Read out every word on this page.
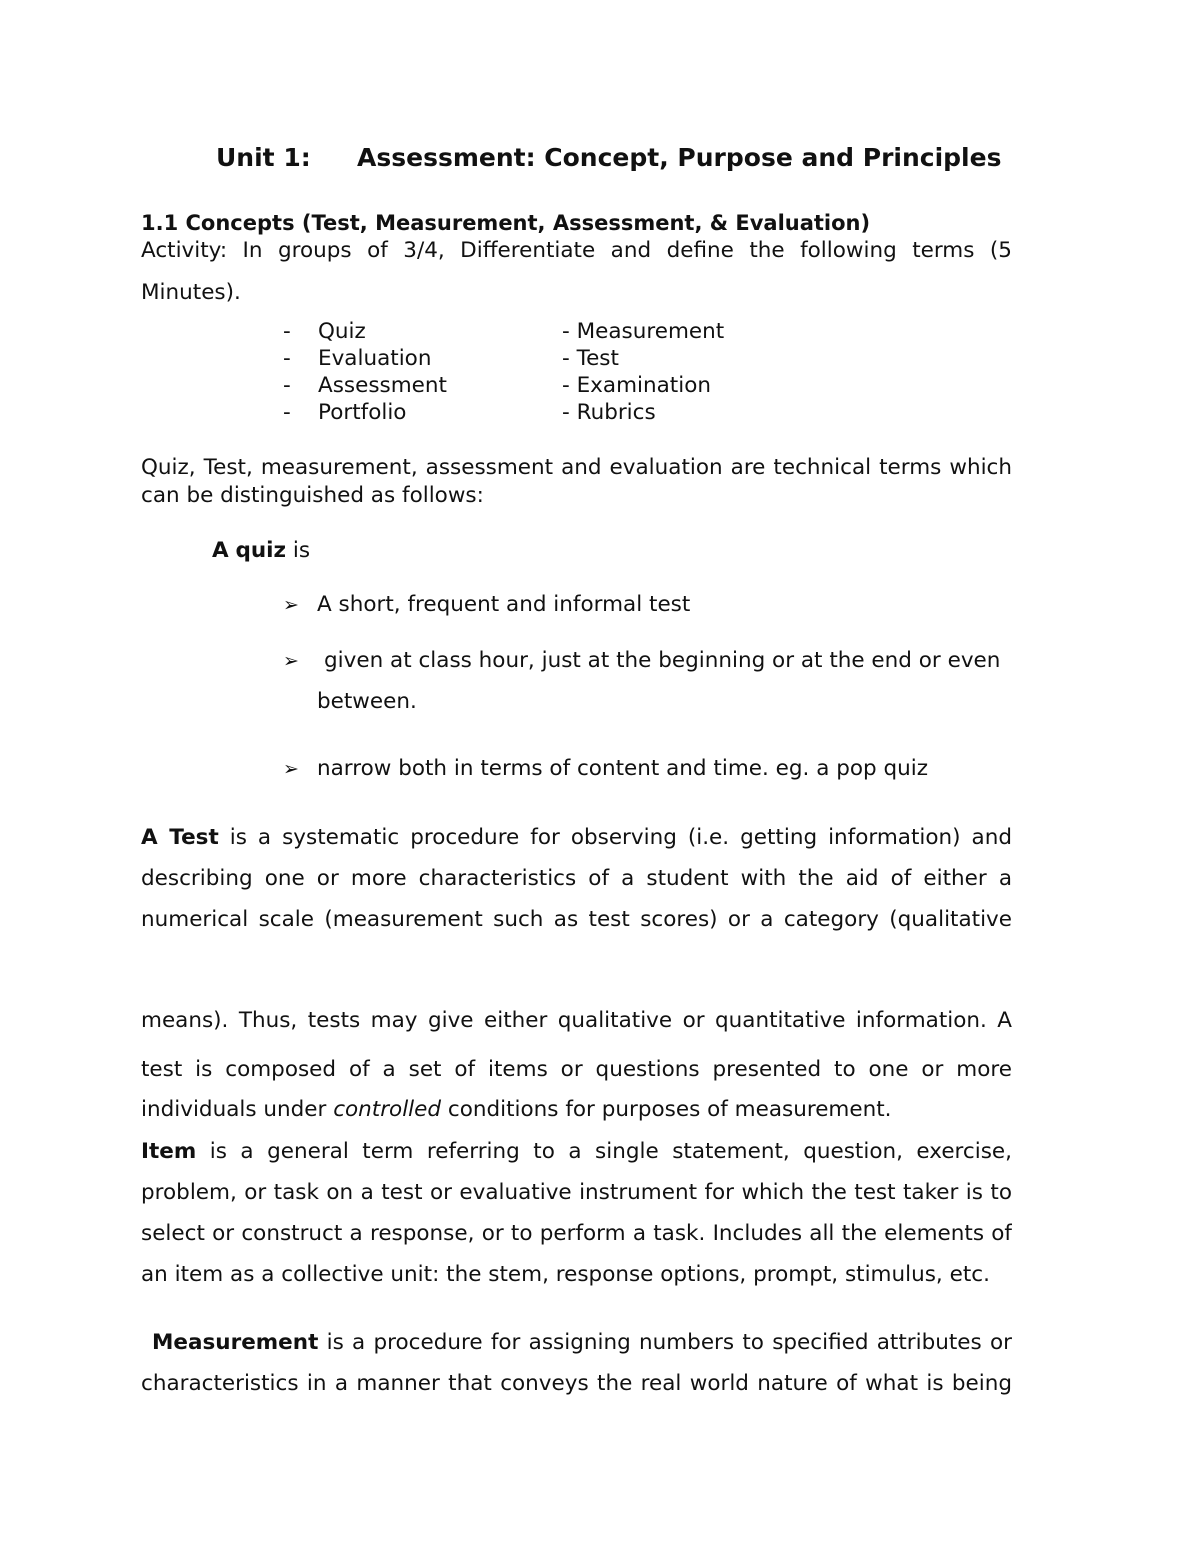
Unit 1: Assessment: Concept, Purpose and Principles
1.1 Concepts (Test, Measurement, Assessment, & Evaluation)
Activity: In groups of 3/4, Differentiate and define the following terms (5
Minutes).
- Quiz	- Measurement
- Evaluation	- Test
- Assessment	- Examination
- Portfolio	- Rubrics
Quiz, Test, measurement, assessment and evaluation are technical terms which
can be distinguished as follows:
A quiz is
➢ A short, frequent and informal test
➢ given at class hour, just at the beginning or at the end or even
between.
➢ narrow both in terms of content and time. eg. a pop quiz
A Test is a systematic procedure for observing (i.e. getting information) and
describing one or more characteristics of a student with the aid of either a
numerical scale (measurement such as test scores) or a category (qualitative
means). Thus, tests may give either qualitative or quantitative information. A
test is composed of a set of items or questions presented to one or more
individuals under controlled conditions for purposes of measurement.
Item is a general term referring to a single statement, question, exercise,
problem, or task on a test or evaluative instrument for which the test taker is to
select or construct a response, or to perform a task. Includes all the elements of
an item as a collective unit: the stem, response options, prompt, stimulus, etc.
Measurement is a procedure for assigning numbers to specified attributes or
characteristics in a manner that conveys the real world nature of what is being
